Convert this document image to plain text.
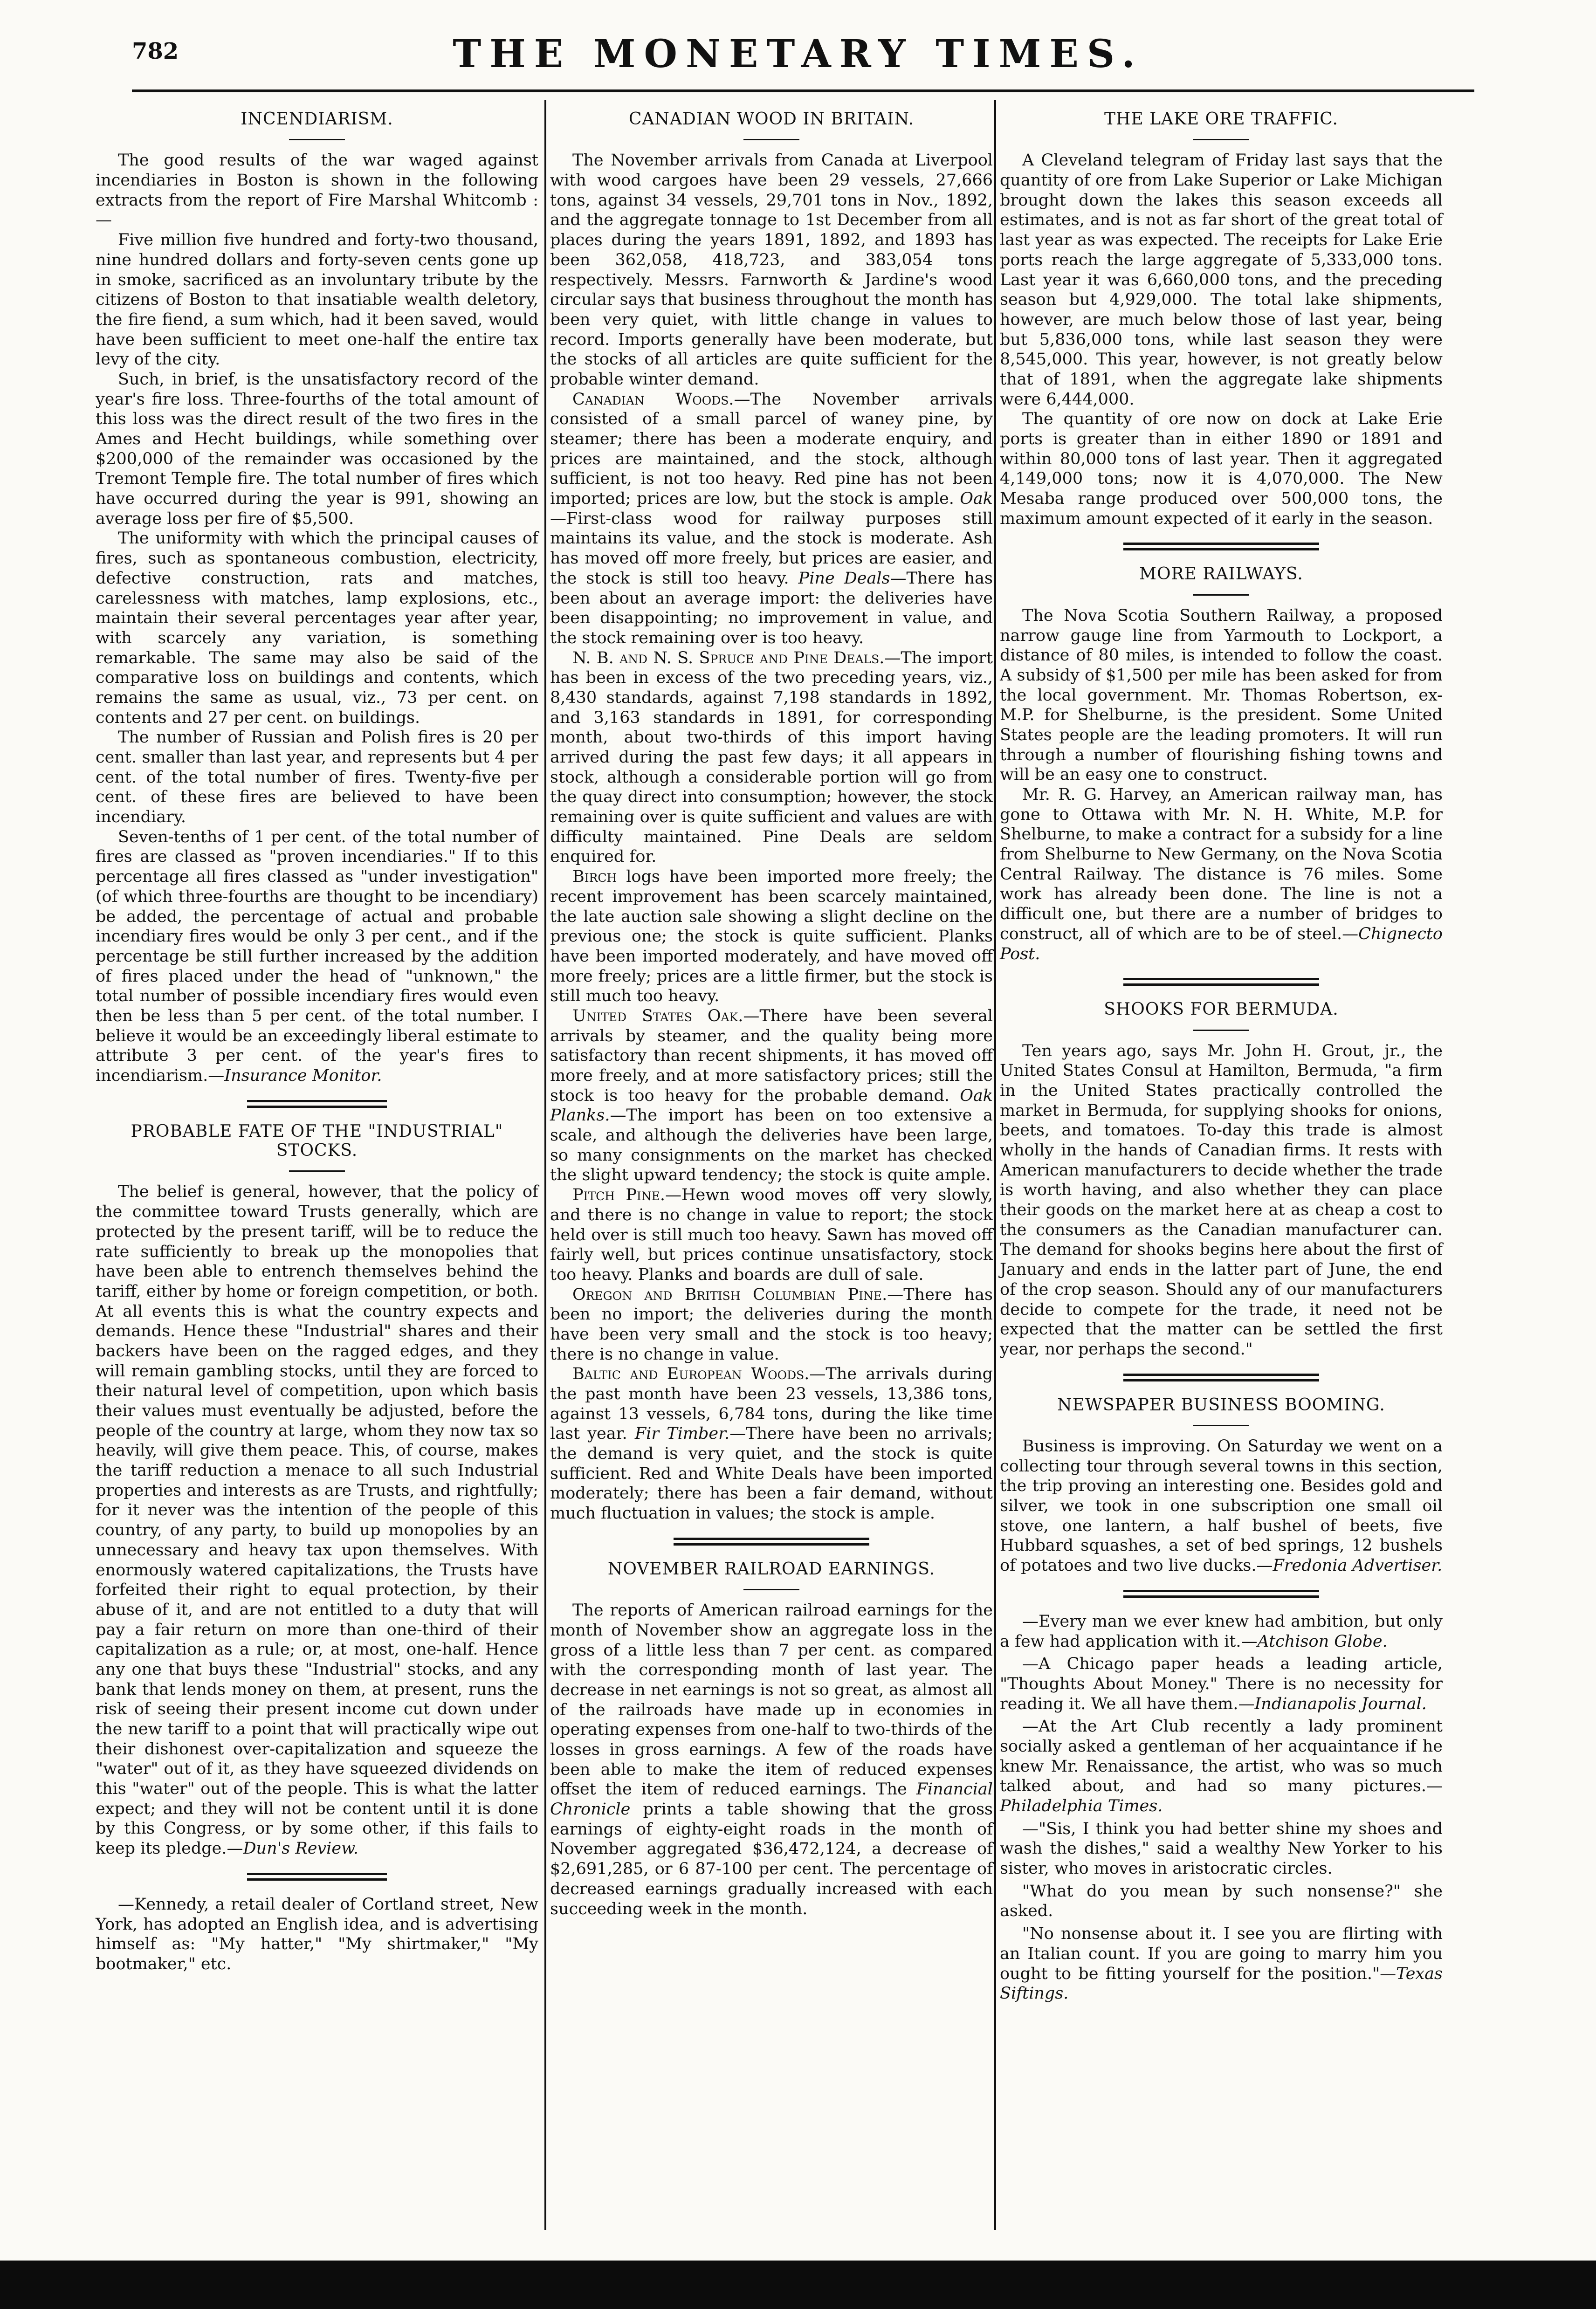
782	THE MONETARY TIMES.
INCENDIARISM.

The good results of the war waged against incendiaries in Boston is shown in the following extracts from the report of Fire Marshal Whitcomb :—

Five million five hundred and forty-two thousand, nine hundred dollars and forty-seven cents gone up in smoke, sacrificed as an involuntary tribute by the citizens of Boston to that insatiable wealth deletory, the fire fiend, a sum which, had it been saved, would have been sufficient to meet one-half the entire tax levy of the city.

Such, in brief, is the unsatisfactory record of the year's fire loss. Three-fourths of the total amount of this loss was the direct result of the two fires in the Ames and Hecht buildings, while something over $200,000 of the remainder was occasioned by the Tremont Temple fire. The total number of fires which have occurred during the year is 991, showing an average loss per fire of $5,500.

The uniformity with which the principal causes of fires, such as spontaneous combustion, electricity, defective construction, rats and matches, carelessness with matches, lamp explosions, etc., maintain their several percentages year after year, with scarcely any variation, is something remarkable. The same may also be said of the comparative loss on buildings and contents, which remains the same as usual, viz., 73 per cent. on contents and 27 per cent. on buildings.

The number of Russian and Polish fires is 20 per cent. smaller than last year, and represents but 4 per cent. of the total number of fires. Twenty-five per cent. of these fires are believed to have been incendiary.

Seven-tenths of 1 per cent. of the total number of fires are classed as "proven incendiaries." If to this percentage all fires classed as "under investigation" (of which three-fourths are thought to be incendiary) be added, the percentage of actual and probable incendiary fires would be only 3 per cent., and if the percentage be still further increased by the addition of fires placed under the head of "unknown," the total number of possible incendiary fires would even then be less than 5 per cent. of the total number. I believe it would be an exceedingly liberal estimate to attribute 3 per cent. of the year's fires to incendiarism.—Insurance Monitor.

PROBABLE FATE OF THE "INDUSTRIAL" STOCKS.

The belief is general, however, that the policy of the committee toward Trusts generally, which are protected by the present tariff, will be to reduce the rate sufficiently to break up the monopolies that have been able to entrench themselves behind the tariff, either by home or foreign competition, or both. At all events this is what the country expects and demands. Hence these "Industrial" shares and their backers have been on the ragged edges, and they will remain gambling stocks, until they are forced to their natural level of competition, upon which basis their values must eventually be adjusted, before the people of the country at large, whom they now tax so heavily, will give them peace. This, of course, makes the tariff reduction a menace to all such Industrial properties and interests as are Trusts, and rightfully; for it never was the intention of the people of this country, of any party, to build up monopolies by an unnecessary and heavy tax upon themselves. With enormously watered capitalizations, the Trusts have forfeited their right to equal protection, by their abuse of it, and are not entitled to a duty that will pay a fair return on more than one-third of their capitalization as a rule; or, at most, one-half. Hence any one that buys these "Industrial" stocks, and any bank that lends money on them, at present, runs the risk of seeing their present income cut down under the new tariff to a point that will practically wipe out their dishonest over-capitalization and squeeze the "water" out of it, as they have squeezed dividends on this "water" out of the people. This is what the latter expect; and they will not be content until it is done by this Congress, or by some other, if this fails to keep its pledge.—Dun's Review.

—Kennedy, a retail dealer of Cortland street, New York, has adopted an English idea, and is advertising himself as: "My hatter," "My shirtmaker," "My bootmaker," etc.

CANADIAN WOOD IN BRITAIN.

The November arrivals from Canada at Liverpool with wood cargoes have been 29 vessels, 27,666 tons, against 34 vessels, 29,701 tons in Nov., 1892, and the aggregate tonnage to 1st December from all places during the years 1891, 1892, and 1893 has been 362,058, 418,723, and 383,054 tons respectively. Messrs. Farnworth & Jardine's wood circular says that business throughout the month has been very quiet, with little change in values to record. Imports generally have been moderate, but the stocks of all articles are quite sufficient for the probable winter demand.

Canadian Woods.—The November arrivals consisted of a small parcel of waney pine, by steamer; there has been a moderate enquiry, and prices are maintained, and the stock, although sufficient, is not too heavy. Red pine has not been imported; prices are low, but the stock is ample. Oak—First-class wood for railway purposes still maintains its value, and the stock is moderate. Ash has moved off more freely, but prices are easier, and the stock is still too heavy. Pine Deals—There has been about an average import: the deliveries have been disappointing; no improvement in value, and the stock remaining over is too heavy.

N. B. and N. S. Spruce and Pine Deals.—The import has been in excess of the two preceding years, viz., 8,430 standards, against 7,198 standards in 1892, and 3,163 standards in 1891, for corresponding month, about two-thirds of this import having arrived during the past few days; it all appears in stock, although a considerable portion will go from the quay direct into consumption; however, the stock remaining over is quite sufficient and values are with difficulty maintained. Pine Deals are seldom enquired for.

Birch logs have been imported more freely; the recent improvement has been scarcely maintained, the late auction sale showing a slight decline on the previous one; the stock is quite sufficient. Planks have been imported moderately, and have moved off more freely; prices are a little firmer, but the stock is still much too heavy.

United States Oak.—There have been several arrivals by steamer, and the quality being more satisfactory than recent shipments, it has moved off more freely, and at more satisfactory prices; still the stock is too heavy for the probable demand. Oak Planks.—The import has been on too extensive a scale, and although the deliveries have been large, so many consignments on the market has checked the slight upward tendency; the stock is quite ample.

Pitch Pine.—Hewn wood moves off very slowly, and there is no change in value to report; the stock held over is still much too heavy. Sawn has moved off fairly well, but prices continue unsatisfactory, stock too heavy. Planks and boards are dull of sale.

Oregon and British Columbian Pine.—There has been no import; the deliveries during the month have been very small and the stock is too heavy; there is no change in value.

Baltic and European Woods.—The arrivals during the past month have been 23 vessels, 13,386 tons, against 13 vessels, 6,784 tons, during the like time last year. Fir Timber.—There have been no arrivals; the demand is very quiet, and the stock is quite sufficient. Red and White Deals have been imported moderately; there has been a fair demand, without much fluctuation in values; the stock is ample.

NOVEMBER RAILROAD EARNINGS.

The reports of American railroad earnings for the month of November show an aggregate loss in the gross of a little less than 7 per cent. as compared with the corresponding month of last year. The decrease in net earnings is not so great, as almost all of the railroads have made up in economies in operating expenses from one-half to two-thirds of the losses in gross earnings. A few of the roads have been able to make the item of reduced expenses offset the item of reduced earnings. The Financial Chronicle prints a table showing that the gross earnings of eighty-eight roads in the month of November aggregated $36,472,124, a decrease of $2,691,285, or 6 87-100 per cent. The percentage of decreased earnings gradually increased with each succeeding week in the month.

THE LAKE ORE TRAFFIC.

A Cleveland telegram of Friday last says that the quantity of ore from Lake Superior or Lake Michigan brought down the lakes this season exceeds all estimates, and is not as far short of the great total of last year as was expected. The receipts for Lake Erie ports reach the large aggregate of 5,333,000 tons. Last year it was 6,660,000 tons, and the preceding season but 4,929,000. The total lake shipments, however, are much below those of last year, being but 5,836,000 tons, while last season they were 8,545,000. This year, however, is not greatly below that of 1891, when the aggregate lake shipments were 6,444,000.

The quantity of ore now on dock at Lake Erie ports is greater than in either 1890 or 1891 and within 80,000 tons of last year. Then it aggregated 4,149,000 tons; now it is 4,070,000. The New Mesaba range produced over 500,000 tons, the maximum amount expected of it early in the season.

MORE RAILWAYS.

The Nova Scotia Southern Railway, a proposed narrow gauge line from Yarmouth to Lockport, a distance of 80 miles, is intended to follow the coast. A subsidy of $1,500 per mile has been asked for from the local government. Mr. Thomas Robertson, ex-M.P. for Shelburne, is the president. Some United States people are the leading promoters. It will run through a number of flourishing fishing towns and will be an easy one to construct.

Mr. R. G. Harvey, an American railway man, has gone to Ottawa with Mr. N. H. White, M.P. for Shelburne, to make a contract for a subsidy for a line from Shelburne to New Germany, on the Nova Scotia Central Railway. The distance is 76 miles. Some work has already been done. The line is not a difficult one, but there are a number of bridges to construct, all of which are to be of steel.—Chignecto Post.

SHOOKS FOR BERMUDA.

Ten years ago, says Mr. John H. Grout, jr., the United States Consul at Hamilton, Bermuda, "a firm in the United States practically controlled the market in Bermuda, for supplying shooks for onions, beets, and tomatoes. To-day this trade is almost wholly in the hands of Canadian firms. It rests with American manufacturers to decide whether the trade is worth having, and also whether they can place their goods on the market here at as cheap a cost to the consumers as the Canadian manufacturer can. The demand for shooks begins here about the first of January and ends in the latter part of June, the end of the crop season. Should any of our manufacturers decide to compete for the trade, it need not be expected that the matter can be settled the first year, nor perhaps the second."

NEWSPAPER BUSINESS BOOMING.

Business is improving. On Saturday we went on a collecting tour through several towns in this section, the trip proving an interesting one. Besides gold and silver, we took in one subscription one small oil stove, one lantern, a half bushel of beets, five Hubbard squashes, a set of bed springs, 12 bushels of potatoes and two live ducks.—Fredonia Advertiser.

—Every man we ever knew had ambition, but only a few had application with it.—Atchison Globe.

—A Chicago paper heads a leading article, "Thoughts About Money." There is no necessity for reading it. We all have them.—Indianapolis Journal.

—At the Art Club recently a lady prominent socially asked a gentleman of her acquaintance if he knew Mr. Renaissance, the artist, who was so much talked about, and had so many pictures.—Philadelphia Times.

—"Sis, I think you had better shine my shoes and wash the dishes," said a wealthy New Yorker to his sister, who moves in aristocratic circles.

"What do you mean by such nonsense?" she asked.

"No nonsense about it. I see you are flirting with an Italian count. If you are going to marry him you ought to be fitting yourself for the position."—Texas Siftings.
